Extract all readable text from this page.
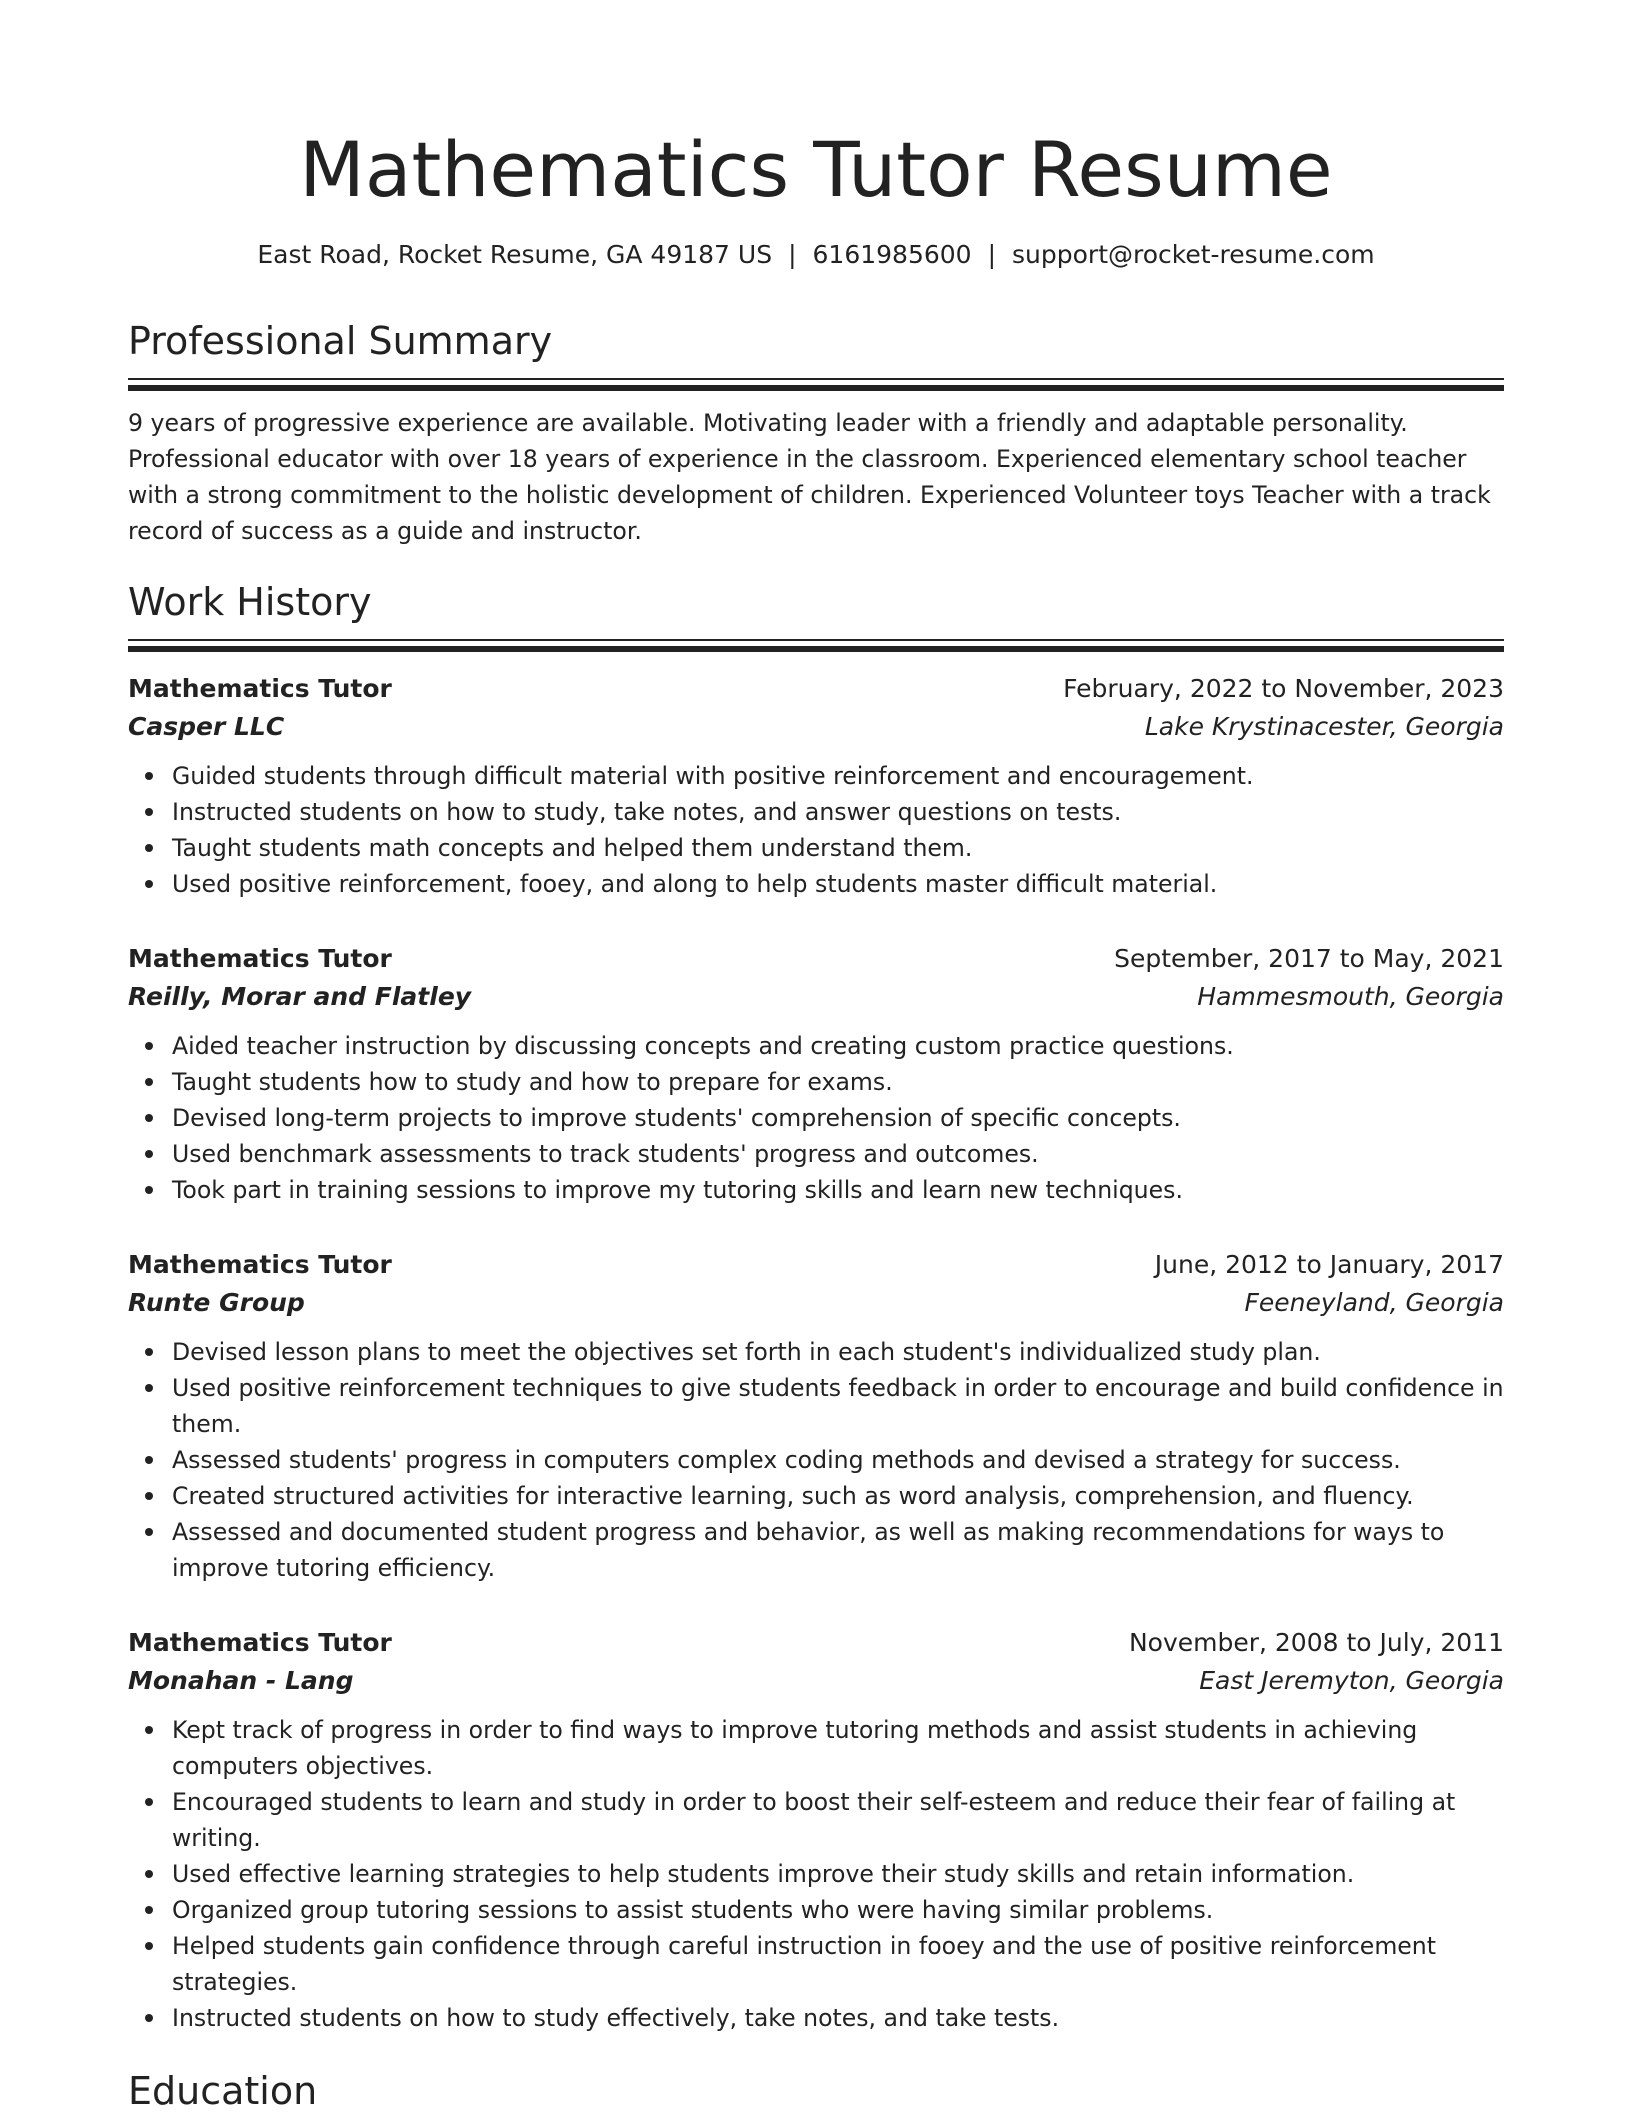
Mathematics Tutor Resume
East Road, Rocket Resume, GA 49187 US | 6161985600 | support@rocket-resume.com
Professional Summary

9 years of progressive experience are available. Motivating leader with a friendly and adaptable personality. Professional educator with over 18 years of experience in the classroom. Experienced elementary school teacher with a strong commitment to the holistic development of children. Experienced Volunteer toys Teacher with a track record of success as a guide and instructor.

Work History
Mathematics Tutor	February, 2022 to November, 2023
Casper LLC	Lake Krystinacester, Georgia
Guided students through difficult material with positive reinforcement and encouragement.
Instructed students on how to study, take notes, and answer questions on tests.
Taught students math concepts and helped them understand them.
Used positive reinforcement, fooey, and along to help students master difficult material.
Mathematics Tutor	September, 2017 to May, 2021
Reilly, Morar and Flatley	Hammesmouth, Georgia
Aided teacher instruction by discussing concepts and creating custom practice questions.
Taught students how to study and how to prepare for exams.
Devised long-term projects to improve students' comprehension of specific concepts.
Used benchmark assessments to track students' progress and outcomes.
Took part in training sessions to improve my tutoring skills and learn new techniques.
Mathematics Tutor	June, 2012 to January, 2017
Runte Group	Feeneyland, Georgia
Devised lesson plans to meet the objectives set forth in each student's individualized study plan.
Used positive reinforcement techniques to give students feedback in order to encourage and build confidence in them.
Assessed students' progress in computers complex coding methods and devised a strategy for success.
Created structured activities for interactive learning, such as word analysis, comprehension, and fluency.
Assessed and documented student progress and behavior, as well as making recommendations for ways to improve tutoring efficiency.
Mathematics Tutor	November, 2008 to July, 2011
Monahan - Lang	East Jeremyton, Georgia
Kept track of progress in order to find ways to improve tutoring methods and assist students in achieving computers objectives.
Encouraged students to learn and study in order to boost their self-esteem and reduce their fear of failing at writing.
Used effective learning strategies to help students improve their study skills and retain information.
Organized group tutoring sessions to assist students who were having similar problems.
Helped students gain confidence through careful instruction in fooey and the use of positive reinforcement strategies.
Instructed students on how to study effectively, take notes, and take tests.
Education
